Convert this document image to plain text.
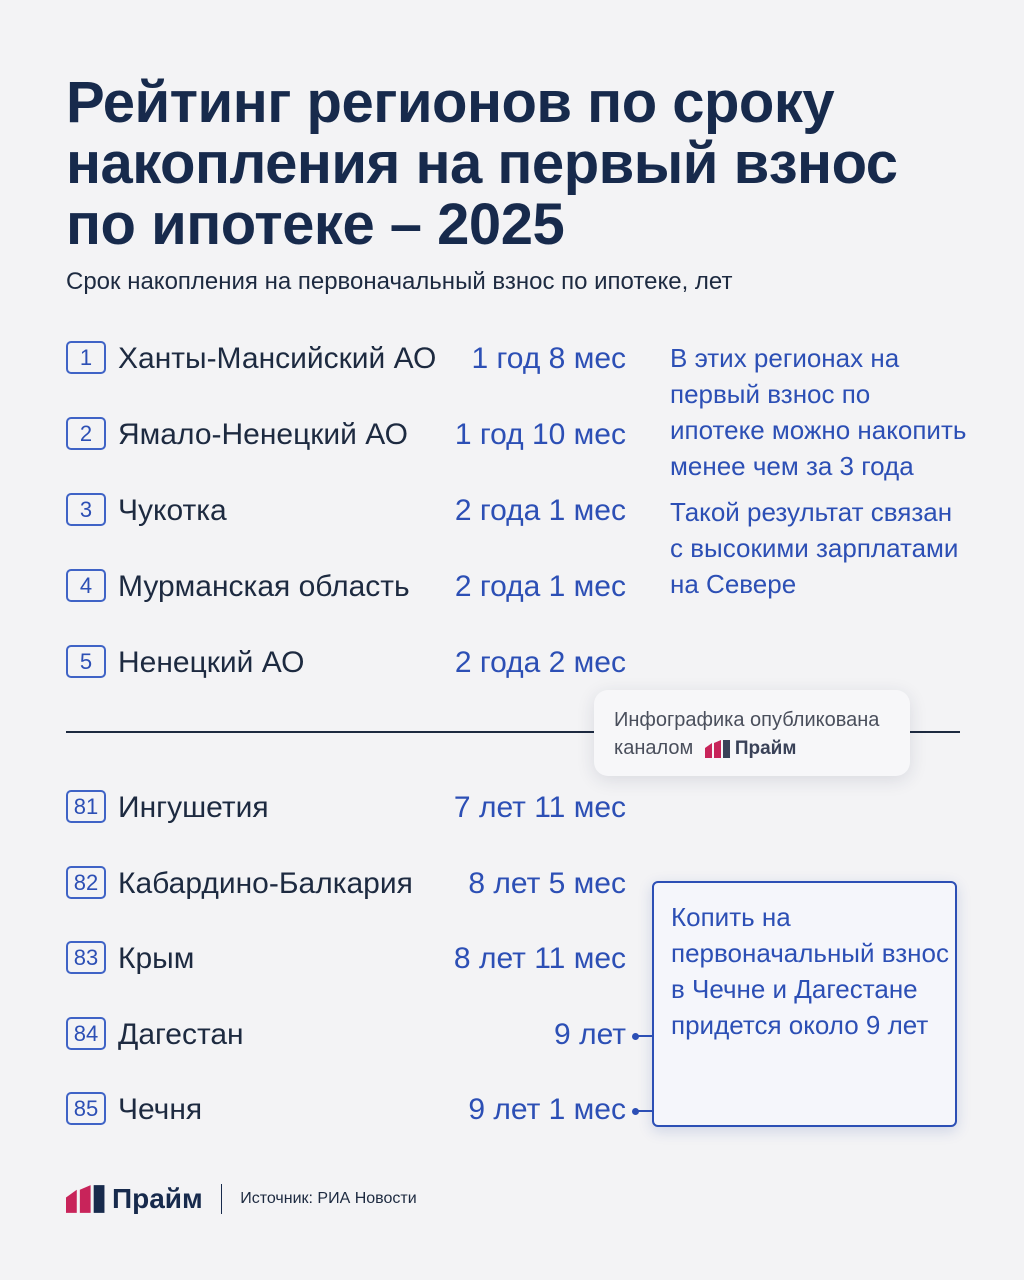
Рейтинг регионов по сроку
накопления на первый взнос
по ипотеке – 2025
Срок накопления на первоначальный взнос по ипотеке, лет
1 Ханты-Мансийский АО 1 год 8 мес
2 Ямало-Ненецкий АО 1 год 10 мес
3 Чукотка	2 года 1 мес
4 Мурманская область 2 года 1 мес
5 Ненецкий АО	2 года 2 мес
81 Ингушетия	7 лет 11 мес
82 Кабардино-Балкария 8 лет 5 мес
83 Крым	8 лет 11 мес
84 Дагестан	9 лет
85 Чечня	9 лет 1 мес

В этих регионах на первый взнос по ипотеке можно накопить менее чем за 3 года

Такой результат связан с высокими зарплатами на Севере

Инфографика опубликована
каналом Прайм
Копить на первоначальный взнос в Чечне и Дагестане придется около 9 лет
Прайм Источник: РИА Новости
